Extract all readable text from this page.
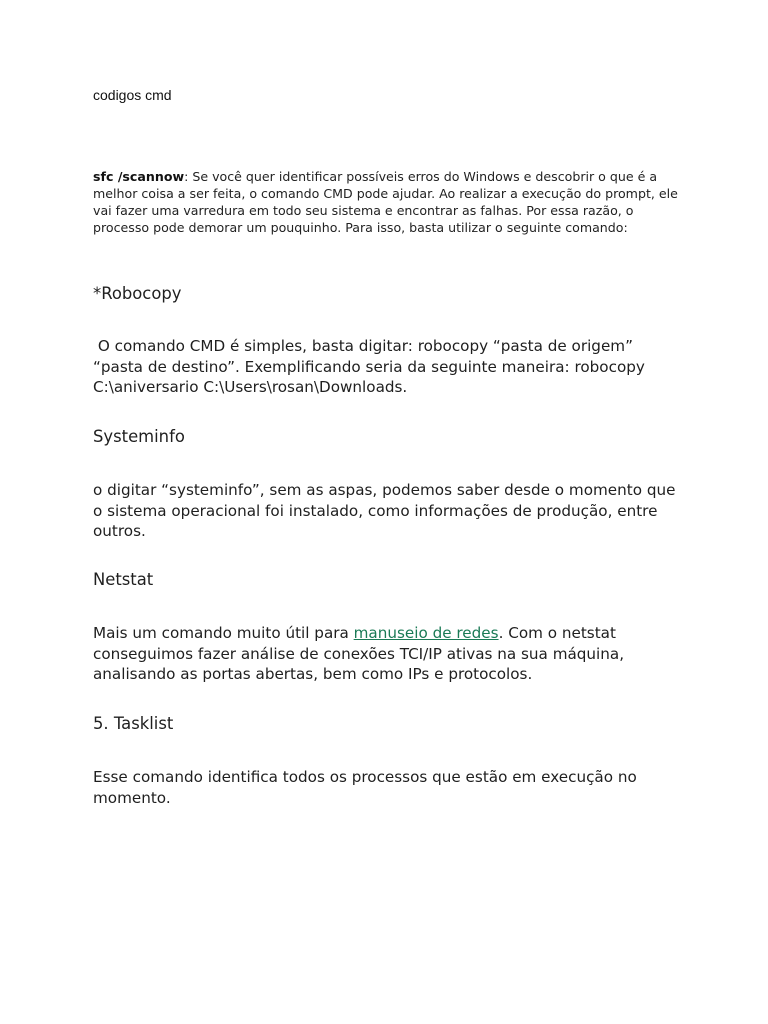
codigos cmd
sfc /scannow: Se você quer identificar possíveis erros do Windows e descobrir o que é a melhor coisa a ser feita, o comando CMD pode ajudar. Ao realizar a execução do prompt, ele vai fazer uma varredura em todo seu sistema e encontrar as falhas. Por essa razão, o processo pode demorar um pouquinho. Para isso, basta utilizar o seguinte comando:
*Robocopy
O comando CMD é simples, basta digitar: robocopy “pasta de origem” “pasta de destino”. Exemplificando seria da seguinte maneira: robocopy C:\aniversario C:\Users\rosan\Downloads.
Systeminfo
o digitar “systeminfo”, sem as aspas, podemos saber desde o momento que o sistema operacional foi instalado, como informações de produção, entre outros.
Netstat
Mais um comando muito útil para manuseio de redes. Com o netstat conseguimos fazer análise de conexões TCI/IP ativas na sua máquina, analisando as portas abertas, bem como IPs e protocolos.
5. Tasklist
Esse comando identifica todos os processos que estão em execução no momento.
